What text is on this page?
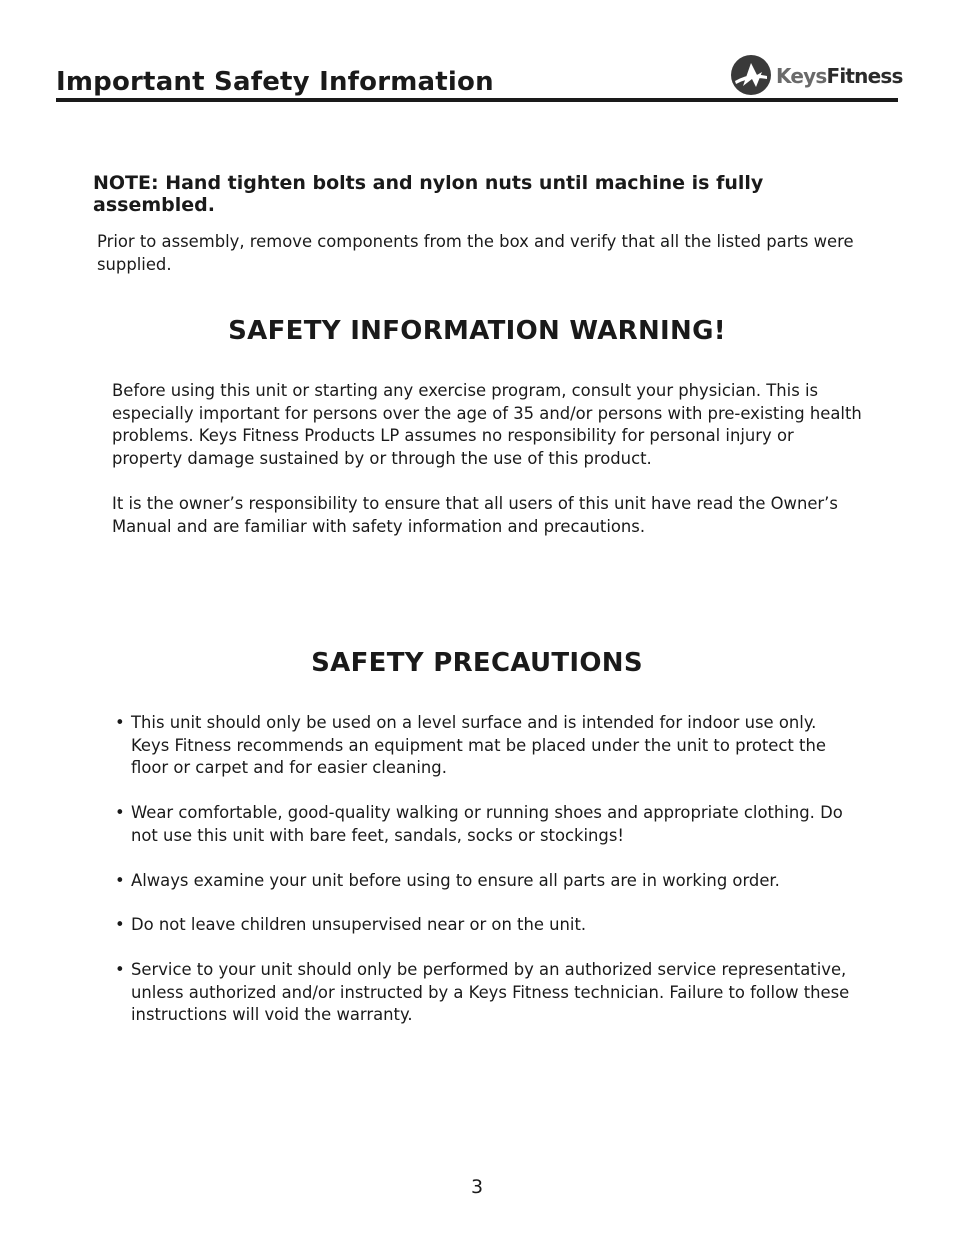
Important Safety Information	KeysFitness
NOTE: Hand tighten bolts and nylon nuts until machine is fully assembled.
Prior to assembly, remove components from the box and verify that all the listed parts were supplied.
SAFETY INFORMATION WARNING!
Before using this unit or starting any exercise program, consult your physician. This is especially important for persons over the age of 35 and/or persons with pre-existing health problems. Keys Fitness Products LP assumes no responsibility for personal injury or property damage sustained by or through the use of this product.
It is the owner’s responsibility to ensure that all users of this unit have read the Owner’s Manual and are familiar with safety information and precautions.
SAFETY PRECAUTIONS
• This unit should only be used on a level surface and is intended for indoor use only. Keys Fitness recommends an equipment mat be placed under the unit to protect the floor or carpet and for easier cleaning.
• Wear comfortable, good-quality walking or running shoes and appropriate clothing. Do not use this unit with bare feet, sandals, socks or stockings!
• Always examine your unit before using to ensure all parts are in working order.
• Do not leave children unsupervised near or on the unit.
• Service to your unit should only be performed by an authorized service representative, unless authorized and/or instructed by a Keys Fitness technician. Failure to follow these instructions will void the warranty.
3
